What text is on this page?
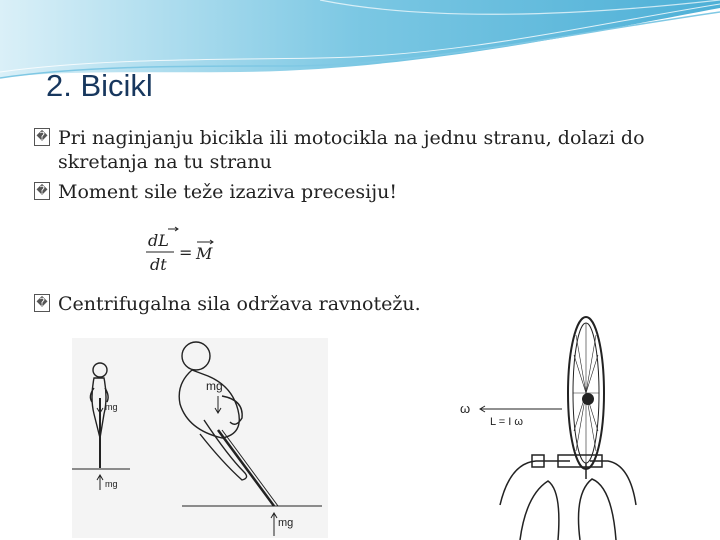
2. Bicikl
� Pri naginjanju bicikla ili motocikla na jednu stranu, dolazi do skretanja na tu stranu
� Moment sile teže izaziva precesiju!
dL
dt
= M
� Centrifugalna sila održava ravnotežu.
mg
mg
mg
mg
ω
L = I ω
